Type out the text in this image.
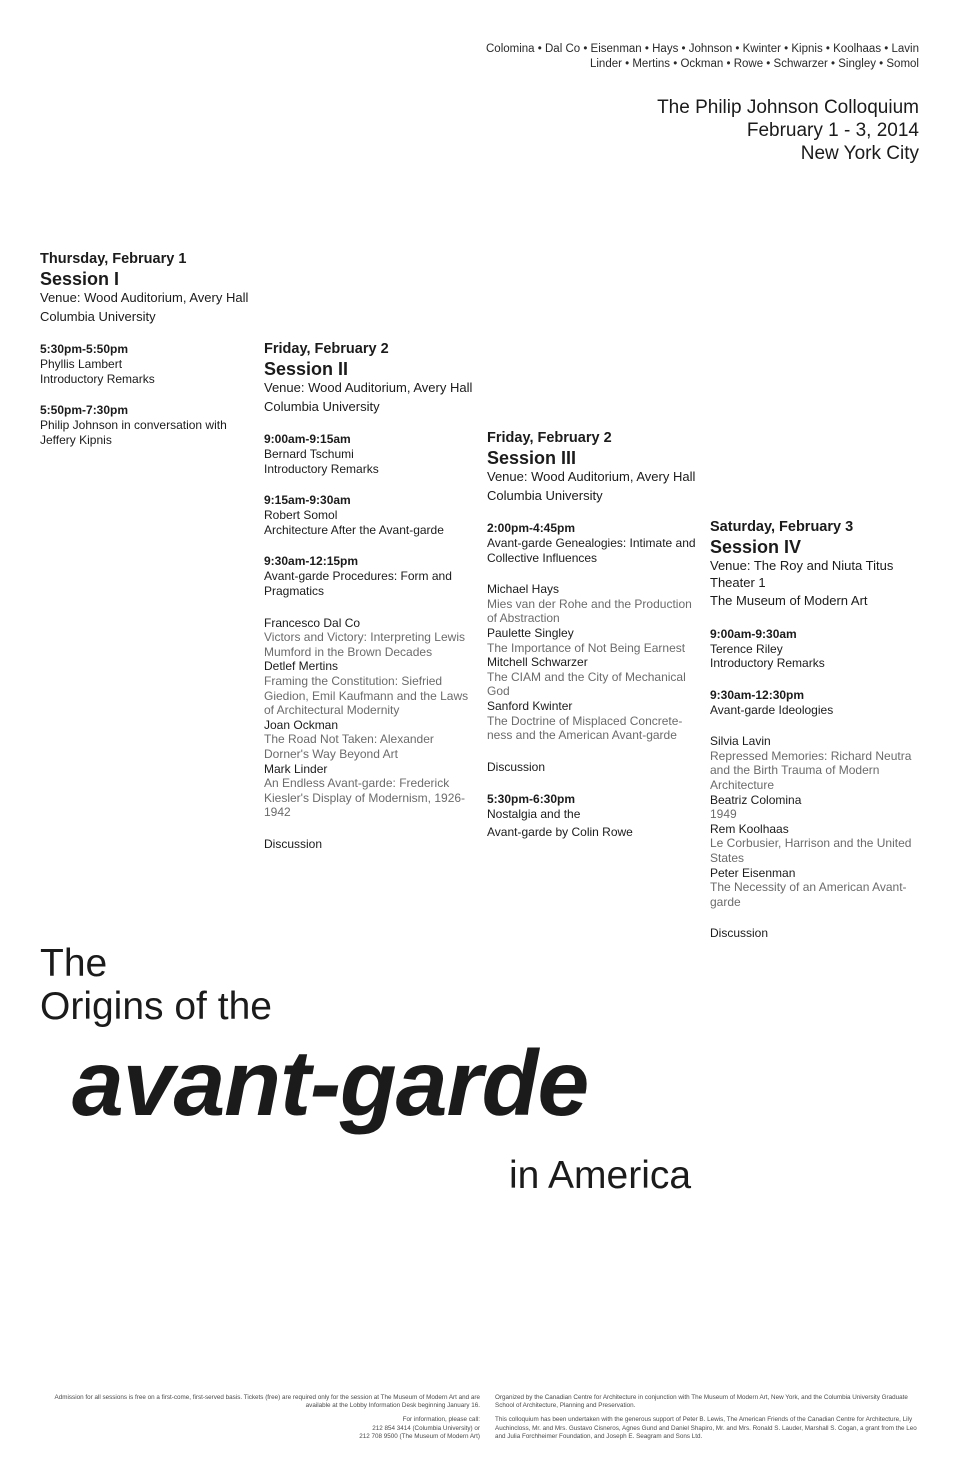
Colomina • Dal Co • Eisenman • Hays • Johnson • Kwinter • Kipnis • Koolhaas • Lavin
Linder • Mertins • Ockman • Rowe • Schwarzer • Singley • Somol
The Philip Johnson Colloquium
February 1 - 3, 2014
New York City
Thursday, February 1
Session I
Venue: Wood Auditorium, Avery Hall
Columbia University
5:30pm-5:50pm
Phyllis Lambert
Introductory Remarks
5:50pm-7:30pm
Philip Johnson in conversation with Jeffery Kipnis
Friday, February 2
Session II
Venue: Wood Auditorium, Avery Hall
Columbia University
9:00am-9:15am
Bernard Tschumi
Introductory Remarks
9:15am-9:30am
Robert Somol
Architecture After the Avant-garde
9:30am-12:15pm
Avant-garde Procedures: Form and Pragmatics
Francesco Dal Co
Victors and Victory: Interpreting Lewis Mumford in the Brown Decades
Detlef Mertins
Framing the Constitution: Siefried Giedion, Emil Kaufmann and the Laws of Architectural Modernity
Joan Ockman
The Road Not Taken: Alexander Dorner's Way Beyond Art
Mark Linder
An Endless Avant-garde: Frederick Kiesler's Display of Modernism, 1926-1942
Discussion
Friday, February 2
Session III
Venue: Wood Auditorium, Avery Hall
Columbia University
2:00pm-4:45pm
Avant-garde Genealogies: Intimate and Collective Influences
Michael Hays
Mies van der Rohe and the Production of Abstraction
Paulette Singley
The Importance of Not Being Earnest
Mitchell Schwarzer
The CIAM and the City of Mechanical God
Sanford Kwinter
The Doctrine of Misplaced Concrete-ness and the American Avant-garde
Discussion
5:30pm-6:30pm
Nostalgia and the
Avant-garde by Colin Rowe
Saturday, February 3
Session IV
Venue: The Roy and Niuta Titus Theater 1
The Museum of Modern Art
9:00am-9:30am
Terence Riley
Introductory Remarks
9:30am-12:30pm
Avant-garde Ideologies
Silvia Lavin
Repressed Memories: Richard Neutra and the Birth Trauma of Modern Architecture
Beatriz Colomina
1949
Rem Koolhaas
Le Corbusier, Harrison and the United States
Peter Eisenman
The Necessity of an American Avant-garde
Discussion
The
Origins of the
avant-garde
in America
Admission for all sessions is free on a first-come, first-served basis. Tickets (free) are required only for the session at The Museum of Modern Art and are available at the Lobby Information Desk beginning January 16.
For information, please call:
212 854 3414 (Columbia University) or
212 708 9500 (The Museum of Modern Art)
Organized by the Canadian Centre for Architecture in conjunction with The Museum of Modern Art, New York, and the Columbia University Graduate School of Architecture, Planning and Preservation.
This colloquium has been undertaken with the generous support of Peter B. Lewis, The American Friends of the Canadian Centre for Architecture, Lily Auchincloss, Mr. and Mrs. Gustavo Cisneros, Agnes Gund and Daniel Shapiro, Mr. and Mrs. Ronald S. Lauder, Marshall S. Cogan, a grant from the Leo and Julia Forchheimer Foundation, and Joseph E. Seagram and Sons Ltd.
